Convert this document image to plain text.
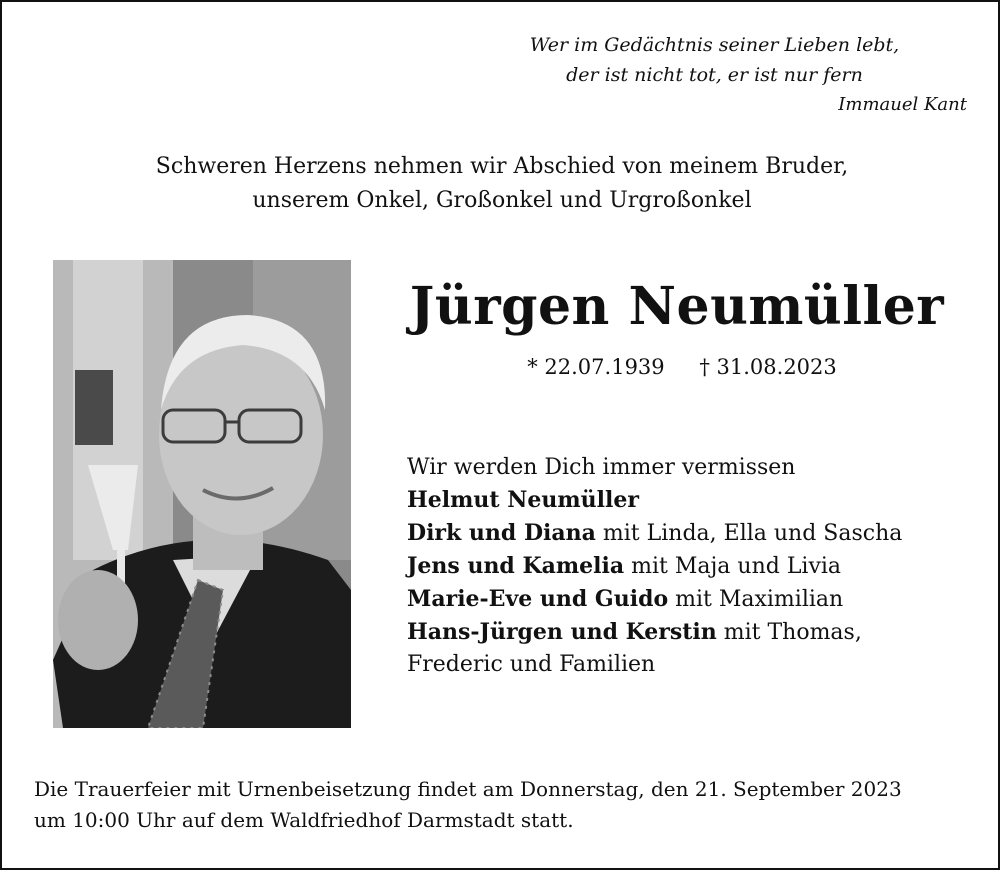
Wer im Gedächtnis seiner Lieben lebt,
der ist nicht tot, er ist nur fern
Immauel Kant
Schweren Herzens nehmen wir Abschied von meinem Bruder,
unserem Onkel, Großonkel und Urgroßonkel
Jürgen Neumüller
* 22.07.1939 † 31.08.2023
Wir werden Dich immer vermissen
Helmut Neumüller
Dirk und Diana mit Linda, Ella und Sascha
Jens und Kamelia mit Maja und Livia
Marie-Eve und Guido mit Maximilian
Hans-Jürgen und Kerstin mit Thomas, Frederic und Familien
Die Trauerfeier mit Urnenbeisetzung findet am Donnerstag, den 21. September 2023
um 10:00 Uhr auf dem Waldfriedhof Darmstadt statt.
